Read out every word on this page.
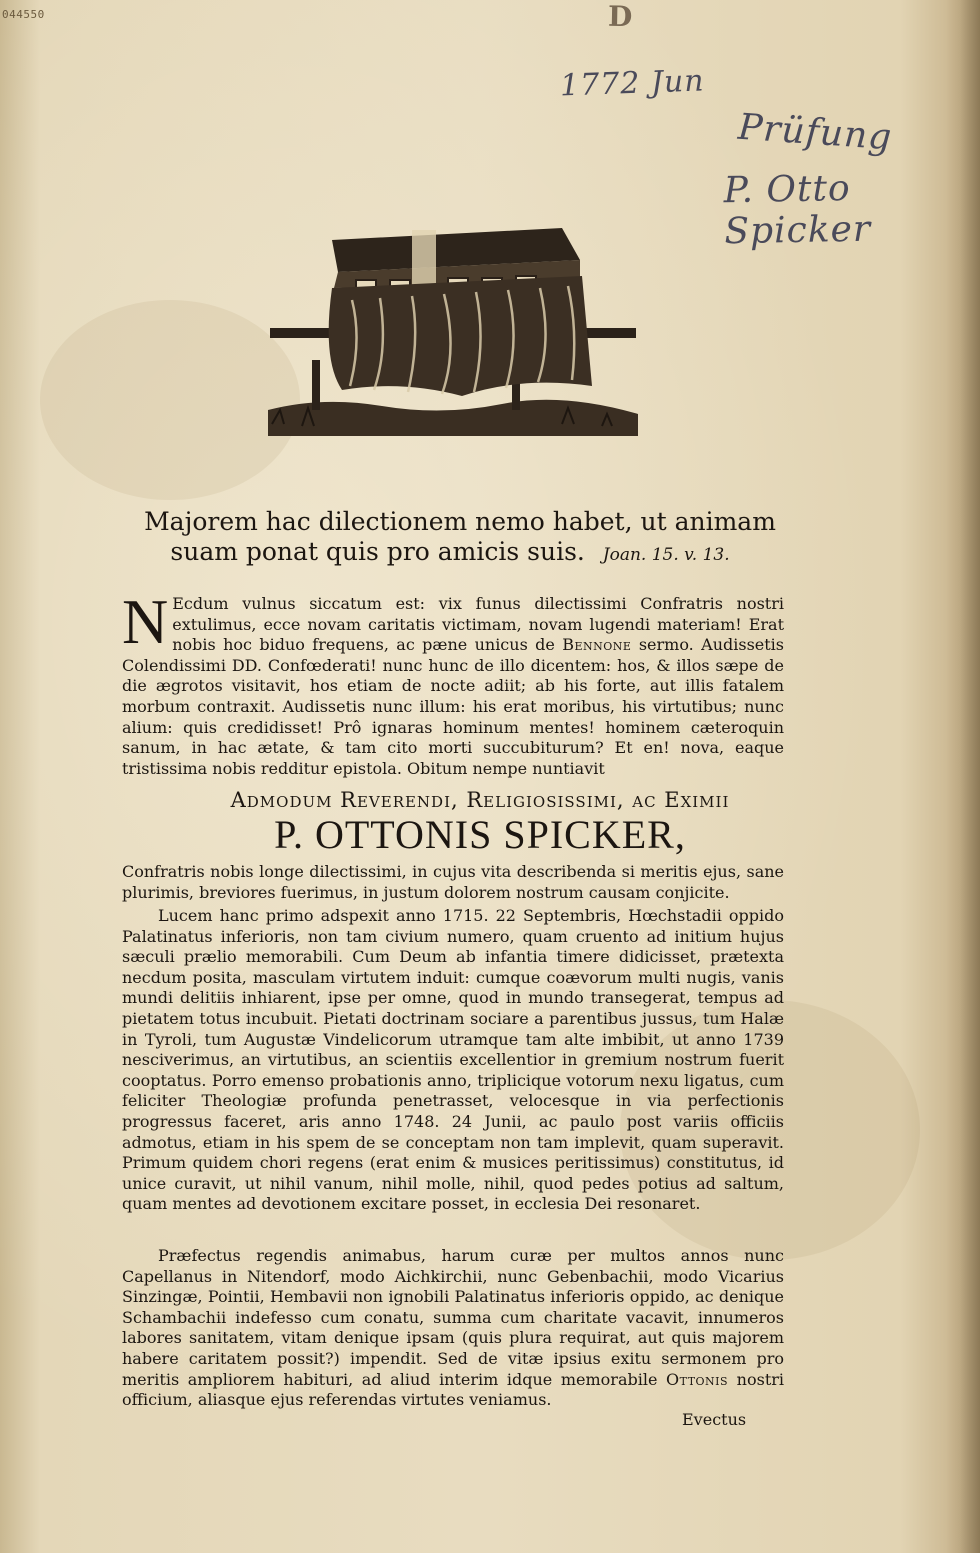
044550	D
1772 Jun
Prüfung
P. Otto Spicker
Majorem hac dilectionem nemo habet, ut animam
suam ponat quis pro amicis suis. Joan. 15. v. 13.
N Ecdum vulnus siccatum est: vix funus dilectissimi Confratris nostri extulimus, ecce novam caritatis victimam, novam lugendi materiam! Erat nobis hoc biduo frequens, ac pæne unicus de Bennone sermo. Audissetis Colendissimi DD. Confœderati! nunc hunc de illo dicentem: hos, & illos sæpe de die ægrotos visitavit, hos etiam de nocte adiit; ab his forte, aut illis fatalem morbum contraxit. Audissetis nunc illum: his erat moribus, his virtutibus; nunc alium: quis credidisset! Prô ignaras hominum mentes! hominem cæteroquin sanum, in hac ætate, & tam cito morti succubiturum? Et en! nova, eaque tristissima nobis redditur epistola. Obitum nempe nuntiavit
Admodum Reverendi, Religiosissimi, ac Eximii
P. OTTONIS SPICKER,
Confratris nobis longe dilectissimi, in cujus vita describenda si meritis ejus, sane plurimis, breviores fuerimus, in justum dolorem nostrum causam conjicite.
Lucem hanc primo adspexit anno 1715. 22 Septembris, Hœchstadii oppido Palatinatus inferioris, non tam civium numero, quam cruento ad initium hujus sæculi prælio memorabili. Cum Deum ab infantia timere didicisset, prætexta necdum posita, masculam virtutem induit: cumque coævorum multi nugis, vanis mundi delitiis inhiarent, ipse per omne, quod in mundo transegerat, tempus ad pietatem totus incubuit. Pietati doctrinam sociare a parentibus jussus, tum Halæ in Tyroli, tum Augustæ Vindelicorum utramque tam alte imbibit, ut anno 1739 nesciverimus, an virtutibus, an scientiis excellentior in gremium nostrum fuerit cooptatus. Porro emenso probationis anno, triplicique votorum nexu ligatus, cum feliciter Theologiæ profunda penetrasset, velocesque in via perfectionis progressus faceret, aris anno 1748. 24 Junii, ac paulo post variis officiis admotus, etiam in his spem de se conceptam non tam implevit, quam superavit. Primum quidem chori regens (erat enim & musices peritissimus) constitutus, id unice curavit, ut nihil vanum, nihil molle, nihil, quod pedes potius ad saltum, quam mentes ad devotionem excitare posset, in ecclesia Dei resonaret.
Præfectus regendis animabus, harum curæ per multos annos nunc Capellanus in Nitendorf, modo Aichkirchii, nunc Gebenbachii, modo Vicarius Sinzingæ, Pointii, Hembavii non ignobili Palatinatus inferioris oppido, ac denique Schambachii indefesso cum conatu, summa cum charitate vacavit, innumeros labores sanitatem, vitam denique ipsam (quis plura requirat, aut quis majorem habere caritatem possit?) impendit. Sed de vitæ ipsius exitu sermonem pro meritis ampliorem habituri, ad aliud interim idque memorabile Ottonis nostri officium, aliasque ejus referendas virtutes veniamus.
Evectus
